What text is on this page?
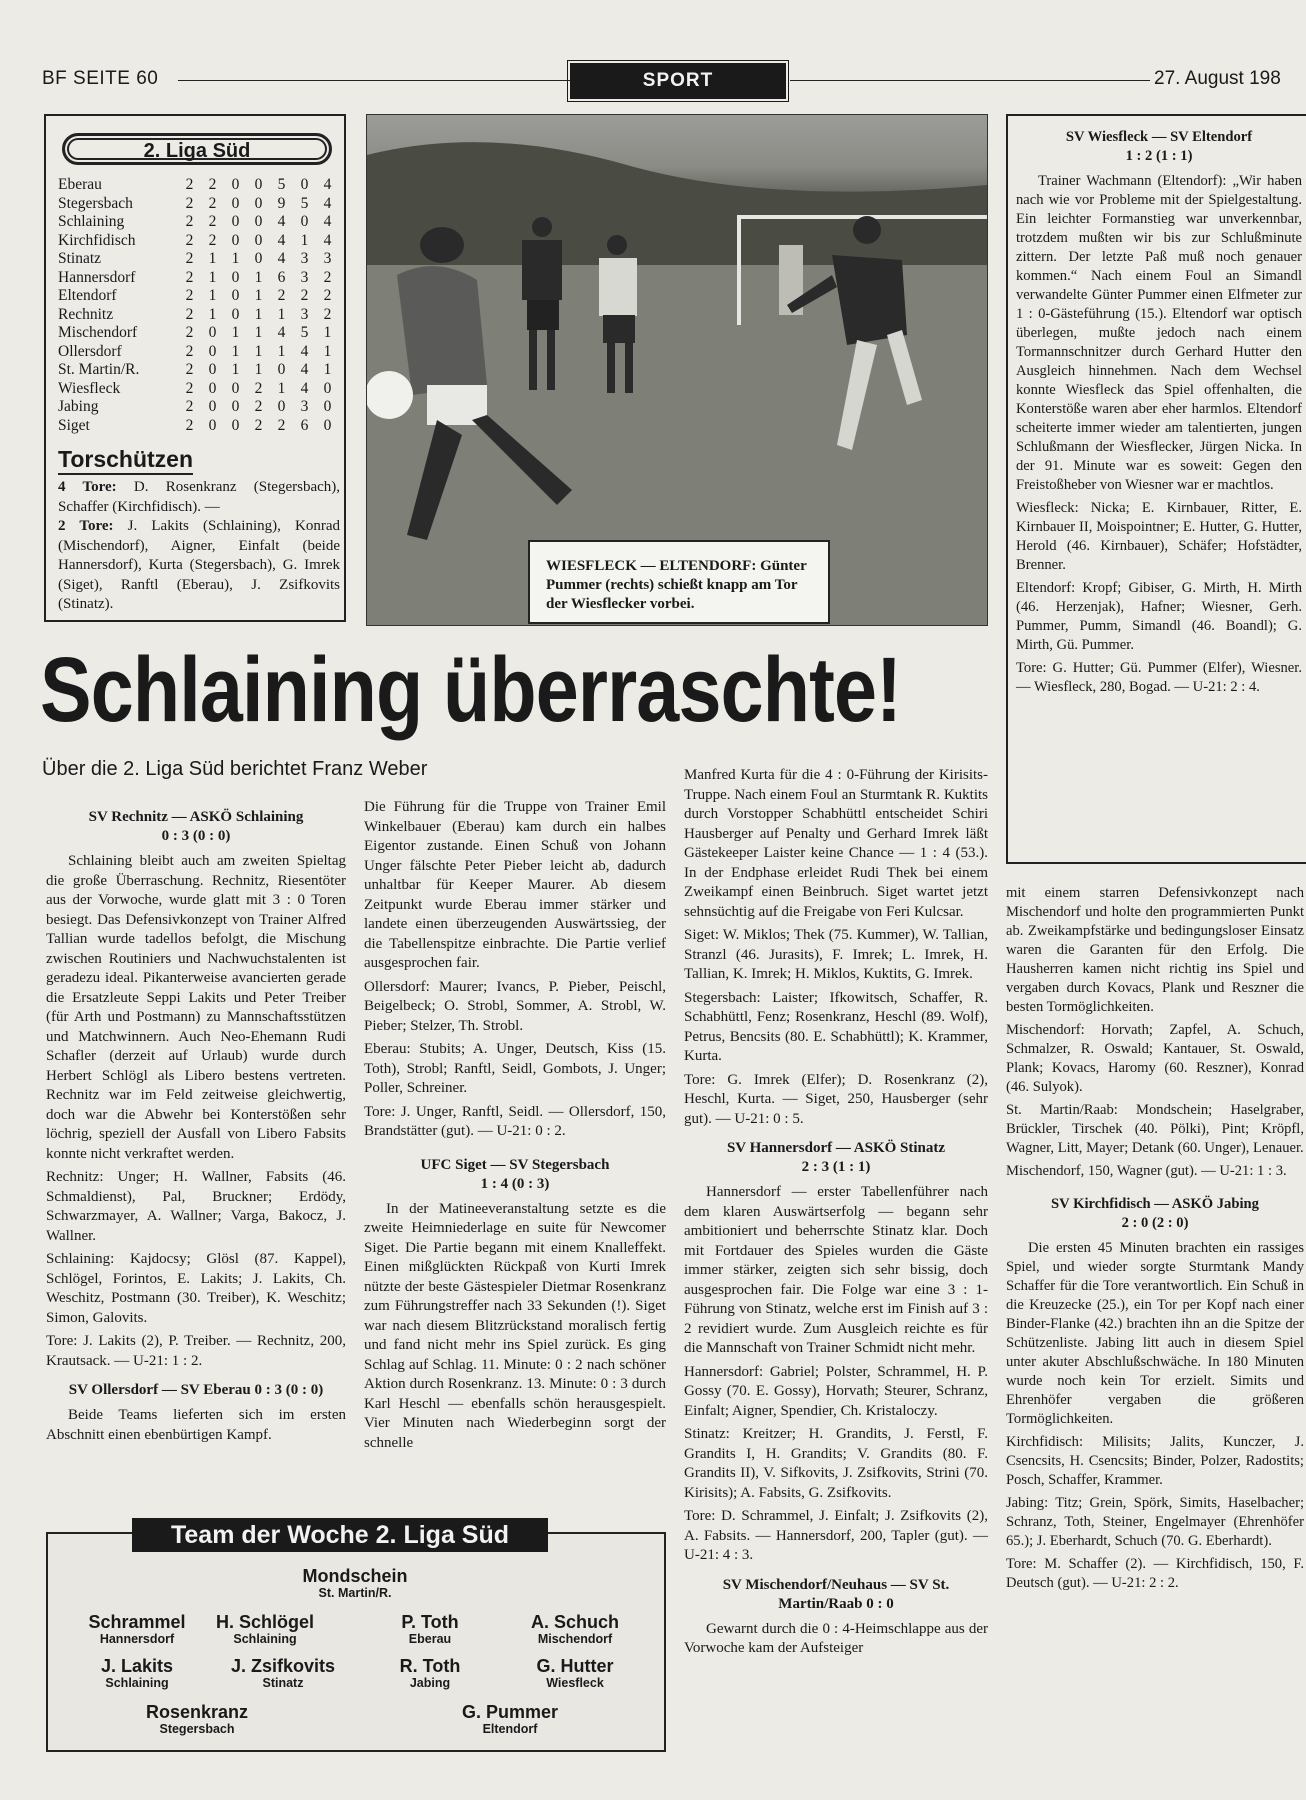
BF SEITE 60	SPORT	27. August 198
2. Liga Süd
Eberau	2	2	0	0	5	0	4
Stegersbach	2	2	0	0	9	5	4
Schlaining	2	2	0	0	4	0	4
Kirchfidisch	2	2	0	0	4	1	4
Stinatz	2	1	1	0	4	3	3
Hannersdorf	2	1	0	1	6	3	2
Eltendorf	2	1	0	1	2	2	2
Rechnitz	2	1	0	1	1	3	2
Mischendorf	2	0	1	1	4	5	1
Ollersdorf	2	0	1	1	1	4	1
St. Martin/R.	2	0	1	1	0	4	1
Wiesfleck	2	0	0	2	1	4	0
Jabing	2	0	0	2	0	3	0
Siget	2	0	0	2	2	6	0
Torschützen
4 Tore: D. Rosenkranz (Stegersbach), Schaffer (Kirchfidisch). —
2 Tore: J. Lakits (Schlaining), Konrad (Mischendorf), Aigner, Einfalt (beide Hannersdorf), Kurta (Stegersbach), G. Imrek (Siget), Ranftl (Eberau), J. Zsifkovits (Stinatz).
WIESFLECK — ELTENDORF: Günter Pummer (rechts) schießt knapp am Tor der Wiesflecker vorbei.
Schlaining überraschte!
Über die 2. Liga Süd berichtet Franz Weber

SV Rechnitz — ASKÖ Schlaining
0 : 3 (0 : 0)

Schlaining bleibt auch am zweiten Spieltag die große Überraschung. Rechnitz, Riesentöter aus der Vorwoche, wurde glatt mit 3 : 0 Toren besiegt. Das Defensivkonzept von Trainer Alfred Tallian wurde tadellos befolgt, die Mischung zwischen Routiniers und Nachwuchstalenten ist geradezu ideal. Pikanterweise avancierten gerade die Ersatzleute Seppi Lakits und Peter Treiber (für Arth und Postmann) zu Mannschaftsstützen und Matchwinnern. Auch Neo-Ehemann Rudi Schafler (derzeit auf Urlaub) wurde durch Herbert Schlögl als Libero bestens vertreten. Rechnitz war im Feld zeitweise gleichwertig, doch war die Abwehr bei Konterstößen sehr löchrig, speziell der Ausfall von Libero Fabsits konnte nicht verkraftet werden.

Rechnitz: Unger; H. Wallner, Fabsits (46. Schmaldienst), Pal, Bruckner; Erdödy, Schwarzmayer, A. Wallner; Varga, Bakocz, J. Wallner.

Schlaining: Kajdocsy; Glösl (87. Kappel), Schlögel, Forintos, E. Lakits; J. Lakits, Ch. Weschitz, Postmann (30. Treiber), K. Weschitz; Simon, Galovits.

Tore: J. Lakits (2), P. Treiber. — Rechnitz, 200, Krautsack. — U-21: 1 : 2.

SV Ollersdorf — SV Eberau 0 : 3 (0 : 0)

Beide Teams lieferten sich im ersten Abschnitt einen ebenbürtigen Kampf.

Die Führung für die Truppe von Trainer Emil Winkelbauer (Eberau) kam durch ein halbes Eigentor zustande. Einen Schuß von Johann Unger fälschte Peter Pieber leicht ab, dadurch unhaltbar für Keeper Maurer. Ab diesem Zeitpunkt wurde Eberau immer stärker und landete einen überzeugenden Auswärtssieg, der die Tabellenspitze einbrachte. Die Partie verlief ausgesprochen fair.

Ollersdorf: Maurer; Ivancs, P. Pieber, Peischl, Beigelbeck; O. Strobl, Sommer, A. Strobl, W. Pieber; Stelzer, Th. Strobl.

Eberau: Stubits; A. Unger, Deutsch, Kiss (15. Toth), Strobl; Ranftl, Seidl, Gombots, J. Unger; Poller, Schreiner.

Tore: J. Unger, Ranftl, Seidl. — Ollersdorf, 150, Brandstätter (gut). — U-21: 0 : 2.

UFC Siget — SV Stegersbach
1 : 4 (0 : 3)

In der Matineeveranstaltung setzte es die zweite Heimniederlage en suite für Newcomer Siget. Die Partie begann mit einem Knalleffekt. Einen mißglückten Rückpaß von Kurti Imrek nützte der beste Gästespieler Dietmar Rosenkranz zum Führungstreffer nach 33 Sekunden (!). Siget war nach diesem Blitzrückstand moralisch fertig und fand nicht mehr ins Spiel zurück. Es ging Schlag auf Schlag. 11. Minute: 0 : 2 nach schöner Aktion durch Rosenkranz. 13. Minute: 0 : 3 durch Karl Heschl — ebenfalls schön herausgespielt. Vier Minuten nach Wiederbeginn sorgt der schnelle

Manfred Kurta für die 4 : 0-Führung der Kirisits-Truppe. Nach einem Foul an Sturmtank R. Kuktits durch Vorstopper Schabhüttl entscheidet Schiri Hausberger auf Penalty und Gerhard Imrek läßt Gästekeeper Laister keine Chance — 1 : 4 (53.). In der Endphase erleidet Rudi Thek bei einem Zweikampf einen Beinbruch. Siget wartet jetzt sehnsüchtig auf die Freigabe von Feri Kulcsar.

Siget: W. Miklos; Thek (75. Kummer), W. Tallian, Stranzl (46. Jurasits), F. Imrek; L. Imrek, H. Tallian, K. Imrek; H. Miklos, Kuktits, G. Imrek.

Stegersbach: Laister; Ifkowitsch, Schaffer, R. Schabhüttl, Fenz; Rosenkranz, Heschl (89. Wolf), Petrus, Bencsits (80. E. Schabhüttl); K. Krammer, Kurta.

Tore: G. Imrek (Elfer); D. Rosenkranz (2), Heschl, Kurta. — Siget, 250, Hausberger (sehr gut). — U-21: 0 : 5.

SV Hannersdorf — ASKÖ Stinatz
2 : 3 (1 : 1)

Hannersdorf — erster Tabellenführer nach dem klaren Auswärtserfolg — begann sehr ambitioniert und beherrschte Stinatz klar. Doch mit Fortdauer des Spieles wurden die Gäste immer stärker, zeigten sich sehr bissig, doch ausgesprochen fair. Die Folge war eine 3 : 1-Führung von Stinatz, welche erst im Finish auf 3 : 2 revidiert wurde. Zum Ausgleich reichte es für die Mannschaft von Trainer Schmidt nicht mehr.

Hannersdorf: Gabriel; Polster, Schrammel, H. P. Gossy (70. E. Gossy), Horvath; Steurer, Schranz, Einfalt; Aigner, Spendier, Ch. Kristaloczy.

Stinatz: Kreitzer; H. Grandits, J. Ferstl, F. Grandits I, H. Grandits; V. Grandits (80. F. Grandits II), V. Sifkovits, J. Zsifkovits, Strini (70. Kirisits); A. Fabsits, G. Zsifkovits.

Tore: D. Schrammel, J. Einfalt; J. Zsifkovits (2), A. Fabsits. — Hannersdorf, 200, Tapler (gut). — U-21: 4 : 3.

SV Mischendorf/Neuhaus — SV St. Martin/Raab 0 : 0

Gewarnt durch die 0 : 4-Heimschlappe aus der Vorwoche kam der Aufsteiger

SV Wiesfleck — SV Eltendorf
1 : 2 (1 : 1)

Trainer Wachmann (Eltendorf): „Wir haben nach wie vor Probleme mit der Spielgestaltung. Ein leichter Formanstieg war unverkennbar, trotzdem mußten wir bis zur Schlußminute zittern. Der letzte Paß muß noch genauer kommen.“ Nach einem Foul an Simandl verwandelte Günter Pummer einen Elfmeter zur 1 : 0-Gästeführung (15.). Eltendorf war optisch überlegen, mußte jedoch nach einem Tormannschnitzer durch Gerhard Hutter den Ausgleich hinnehmen. Nach dem Wechsel konnte Wiesfleck das Spiel offenhalten, die Konterstöße waren aber eher harmlos. Eltendorf scheiterte immer wieder am talentierten, jungen Schlußmann der Wiesflecker, Jürgen Nicka. In der 91. Minute war es soweit: Gegen den Freistoßheber von Wiesner war er machtlos.

Wiesfleck: Nicka; E. Kirnbauer, Ritter, E. Kirnbauer II, Moispointner; E. Hutter, G. Hutter, Herold (46. Kirnbauer), Schäfer; Hofstädter, Brenner.

Eltendorf: Kropf; Gibiser, G. Mirth, H. Mirth (46. Herzenjak), Hafner; Wiesner, Gerh. Pummer, Pumm, Simandl (46. Boandl); G. Mirth, Gü. Pummer.

Tore: G. Hutter; Gü. Pummer (Elfer), Wiesner. — Wiesfleck, 280, Bogad. — U-21: 2 : 4.

mit einem starren Defensivkonzept nach Mischendorf und holte den programmierten Punkt ab. Zweikampfstärke und bedingungsloser Einsatz waren die Garanten für den Erfolg. Die Hausherren kamen nicht richtig ins Spiel und vergaben durch Kovacs, Plank und Reszner die besten Tormöglichkeiten.

Mischendorf: Horvath; Zapfel, A. Schuch, Schmalzer, R. Oswald; Kantauer, St. Oswald, Plank; Kovacs, Haromy (60. Reszner), Konrad (46. Sulyok).

St. Martin/Raab: Mondschein; Haselgraber, Brückler, Tirschek (40. Pölki), Pint; Kröpfl, Wagner, Litt, Mayer; Detank (60. Unger), Lenauer.

Mischendorf, 150, Wagner (gut). — U-21: 1 : 3.

SV Kirchfidisch — ASKÖ Jabing
2 : 0 (2 : 0)

Die ersten 45 Minuten brachten ein rassiges Spiel, und wieder sorgte Sturmtank Mandy Schaffer für die Tore verantwortlich. Ein Schuß in die Kreuzecke (25.), ein Tor per Kopf nach einer Binder-Flanke (42.) brachten ihn an die Spitze der Schützenliste. Jabing litt auch in diesem Spiel unter akuter Abschlußschwäche. In 180 Minuten wurde noch kein Tor erzielt. Simits und Ehrenhöfer vergaben die größeren Tormöglichkeiten.

Kirchfidisch: Milisits; Jalits, Kunczer, J. Csencsits, H. Csencsits; Binder, Polzer, Radostits; Posch, Schaffer, Krammer.

Jabing: Titz; Grein, Spörk, Simits, Haselbacher; Schranz, Toth, Steiner, Engelmayer (Ehrenhöfer 65.); J. Eberhardt, Schuch (70. G. Eberhardt).

Tore: M. Schaffer (2). — Kirchfidisch, 150, F. Deutsch (gut). — U-21: 2 : 2.

Team der Woche 2. Liga Süd
Mondschein
St. Martin/R.
Schrammel
Hannersdorf
H. Schlögel
Schlaining
P. Toth
Eberau
A. Schuch
Mischendorf
J. Lakits
Schlaining
J. Zsifkovits
Stinatz
R. Toth
Jabing
G. Hutter
Wiesfleck
Rosenkranz
Stegersbach
G. Pummer
Eltendorf
